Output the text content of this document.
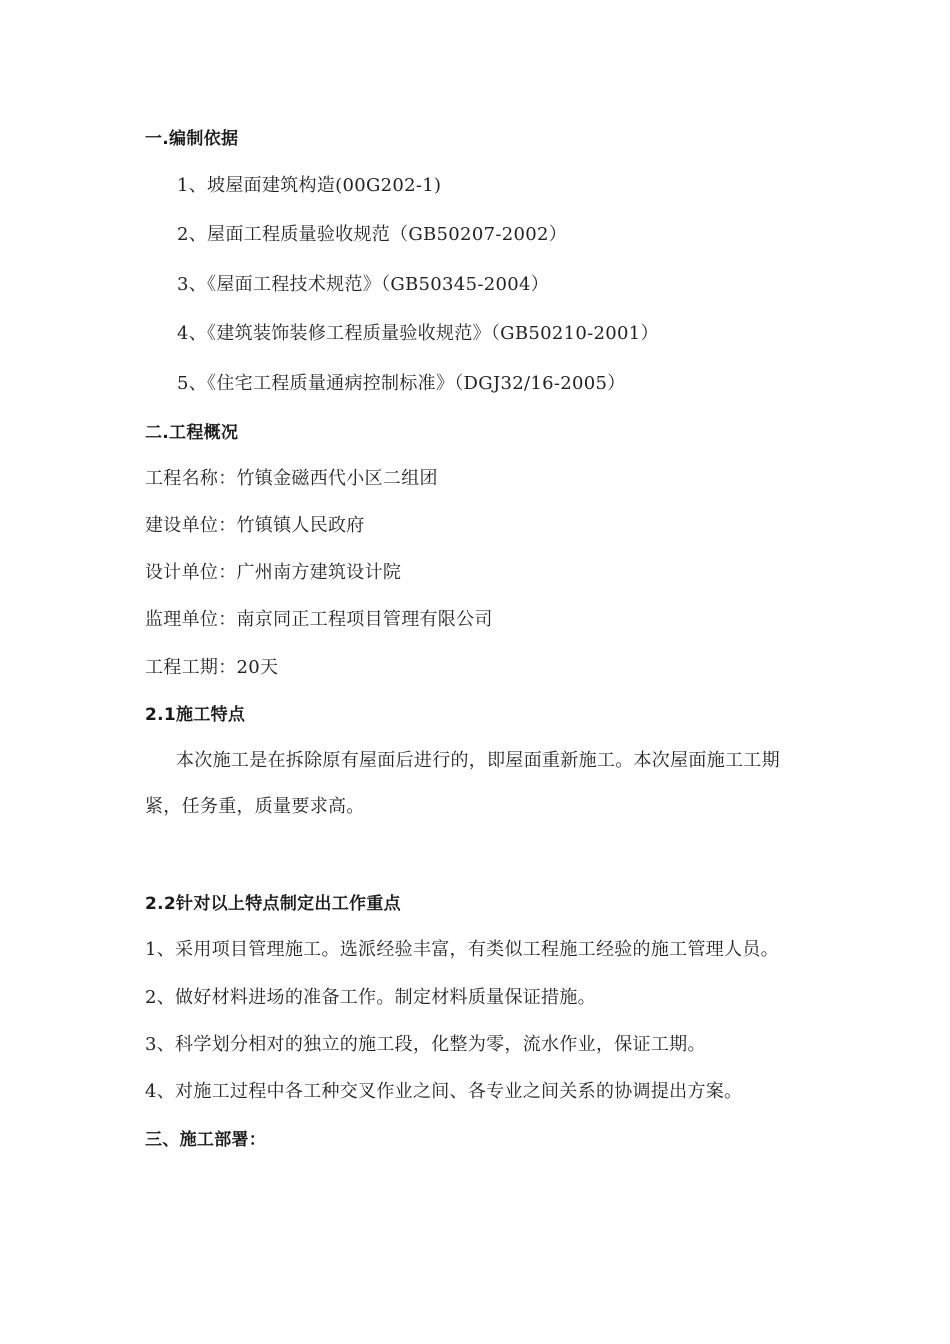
一.编制依据
1、坡屋面建筑构造(00G202-1)
2、屋面工程质量验收规范（GB50207-2002）
3、《屋面工程技术规范》（GB50345-2004）
4、《建筑装饰装修工程质量验收规范》（GB50210-2001）
5、《住宅工程质量通病控制标准》（DGJ32/16-2005）
二.工程概况
工程名称：竹镇金磁西代小区二组团
建设单位：竹镇镇人民政府
设计单位：广州南方建筑设计院
监理单位：南京同正工程项目管理有限公司
工程工期：20天
2.1施工特点
本次施工是在拆除原有屋面后进行的，即屋面重新施工。本次屋面施工工期紧，任务重，质量要求高。
2.2针对以上特点制定出工作重点
1、采用项目管理施工。选派经验丰富，有类似工程施工经验的施工管理人员。
2、做好材料进场的准备工作。制定材料质量保证措施。
3、科学划分相对的独立的施工段，化整为零，流水作业，保证工期。
4、对施工过程中各工种交叉作业之间、各专业之间关系的协调提出方案。
三、施工部署：
